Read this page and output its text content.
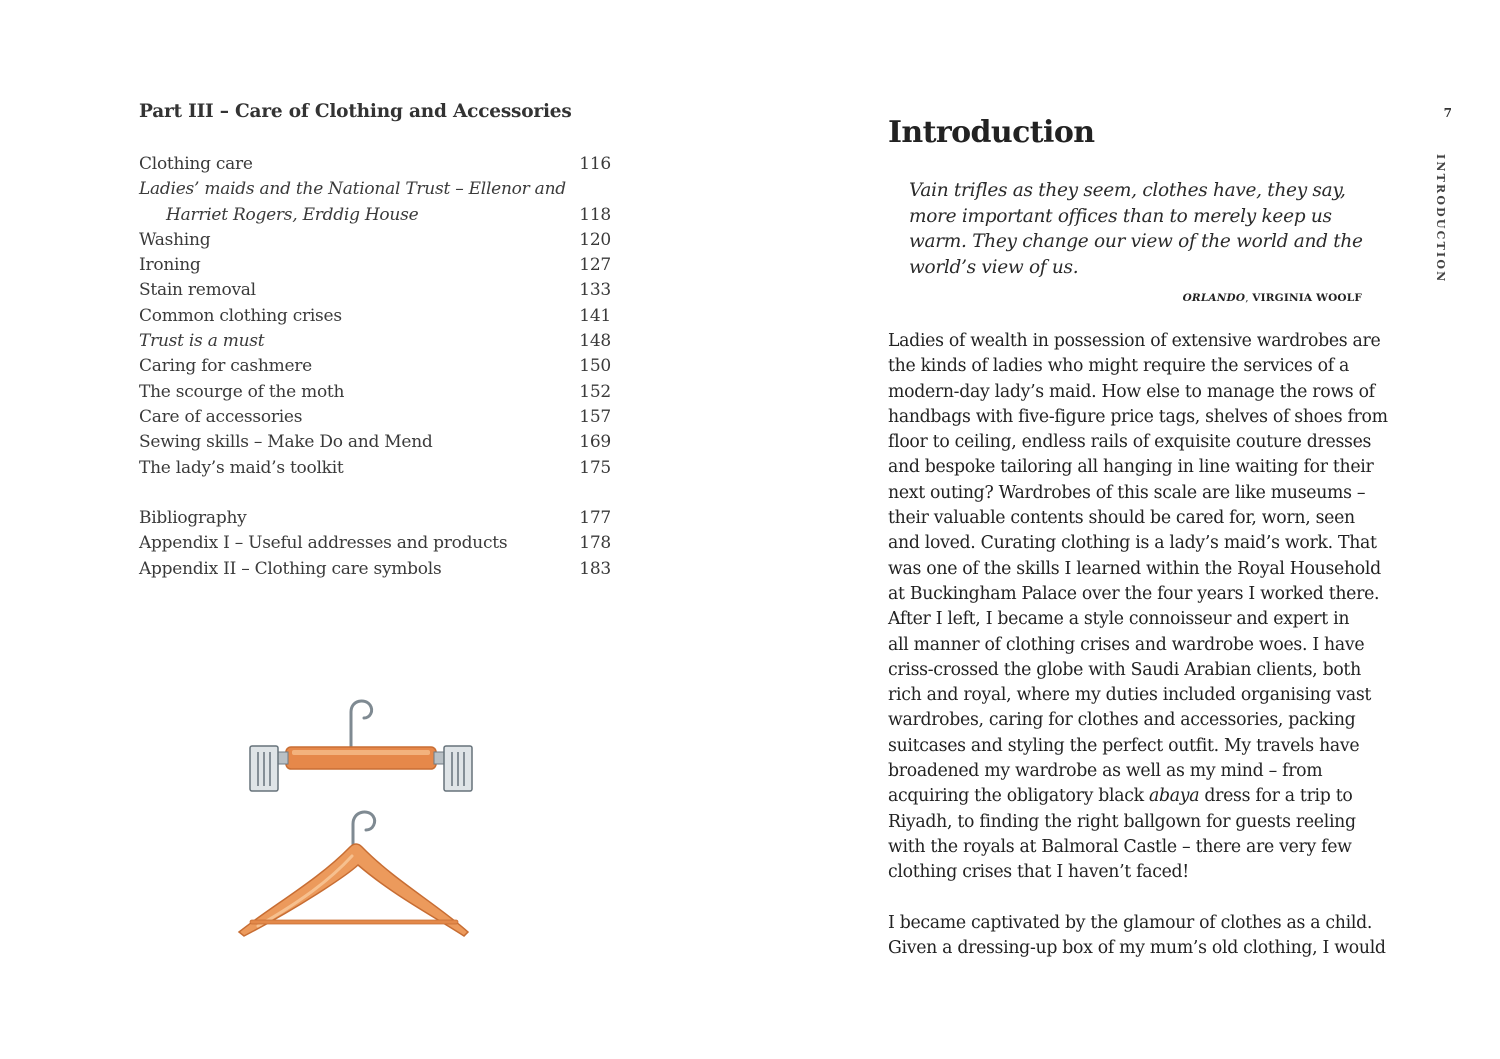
Part III – Care of Clothing and Accessories
Clothing care	116
Ladies’ maids and the National Trust – Ellenor and
Harriet Rogers, Erddig House	118
Washing	120
Ironing	127
Stain removal	133
Common clothing crises	141
Trust is a must	148
Caring for cashmere	150
The scourge of the moth	152
Care of accessories	157
Sewing skills – Make Do and Mend	169
The lady’s maid’s toolkit	175
Bibliography	177
Appendix I – Useful addresses and products	178
Appendix II – Clothing care symbols	183
Introduction
Vain trifles as they seem, clothes have, they say,
more important offices than to merely keep us
warm. They change our view of the world and the
world’s view of us.
ORLANDO, VIRGINIA WOOLF
Ladies of wealth in possession of extensive wardrobes are
the kinds of ladies who might require the services of a
modern-day lady’s maid. How else to manage the rows of
handbags with five-figure price tags, shelves of shoes from
floor to ceiling, endless rails of exquisite couture dresses
and bespoke tailoring all hanging in line waiting for their
next outing? Wardrobes of this scale are like museums –
their valuable contents should be cared for, worn, seen
and loved. Curating clothing is a lady’s maid’s work. That
was one of the skills I learned within the Royal Household
at Buckingham Palace over the four years I worked there.
After I left, I became a style connoisseur and expert in
all manner of clothing crises and wardrobe woes. I have
criss-crossed the globe with Saudi Arabian clients, both
rich and royal, where my duties included organising vast
wardrobes, caring for clothes and accessories, packing
suitcases and styling the perfect outfit. My travels have
broadened my wardrobe as well as my mind – from
acquiring the obligatory black abaya dress for a trip to
Riyadh, to finding the right ballgown for guests reeling
with the royals at Balmoral Castle – there are very few
clothing crises that I haven’t faced!
I became captivated by the glamour of clothes as a child.
Given a dressing-up box of my mum’s old clothing, I would
7
INTRODUCTION
